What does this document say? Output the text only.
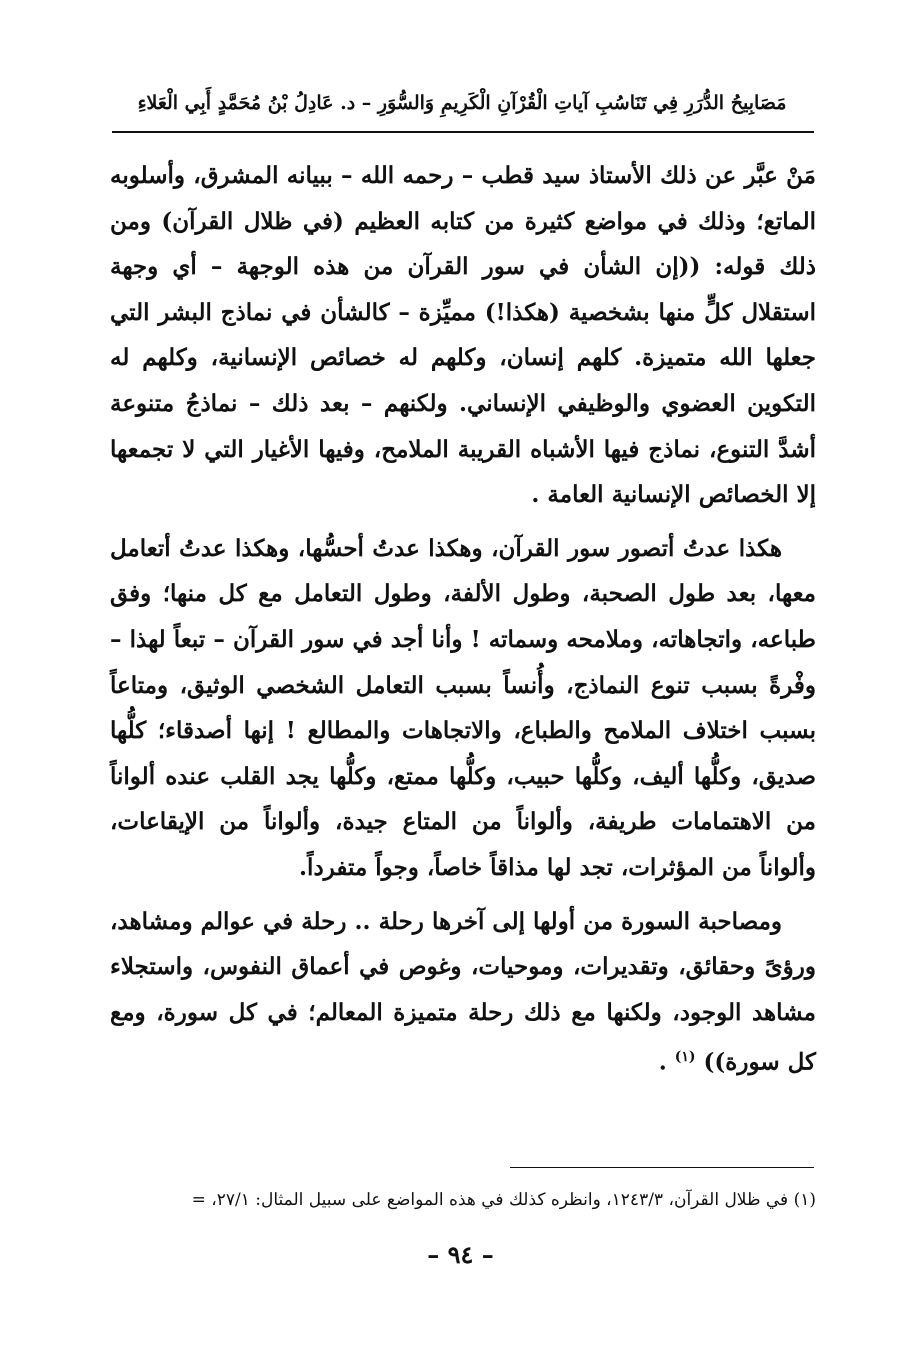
مَصَابِيحُ الدُّرَرِ فِي تَنَاسُبِ آياتِ الْقُرْآنِ الْكَرِيمِ وَالسُّوَرِ – د. عَادِلُ بْنُ مُحَمَّدٍ أَبِي الْعَلاءِ

مَنْ عبَّر عن ذلك الأستاذ سيد قطب – رحمه الله – ببيانه المشرق، وأسلوبه الماتع؛ وذلك في مواضع كثيرة من كتابه العظيم (في ظلال القرآن) ومن ذلك قوله: ((إن الشأن في سور القرآن من هذه الوجهة – أي وجهة استقلال كلٍّ منها بشخصية (هكذا!) مميِّزة – كالشأن في نماذج البشر التي جعلها الله متميزة. كلهم إنسان، وكلهم له خصائص الإنسانية، وكلهم له التكوين العضوي والوظيفي الإنساني. ولكنهم – بعد ذلك – نماذجُ متنوعة أشدَّ التنوع، نماذج فيها الأشباه القريبة الملامح، وفيها الأغيار التي لا تجمعها إلا الخصائص الإنسانية العامة .

هكذا عدتُ أتصور سور القرآن، وهكذا عدتُ أحسُّها، وهكذا عدتُ أتعامل معها، بعد طول الصحبة، وطول الألفة، وطول التعامل مع كل منها؛ وفق طباعه، واتجاهاته، وملامحه وسماته ! وأنا أجد في سور القرآن – تبعاً لهذا – وفْرةً بسبب تنوع النماذج، وأُنساً بسبب التعامل الشخصي الوثيق، ومتاعاً بسبب اختلاف الملامح والطباع، والاتجاهات والمطالع ! إنها أصدقاء؛ كلُّها صديق، وكلُّها أليف، وكلُّها حبيب، وكلُّها ممتع، وكلُّها يجد القلب عنده ألواناً من الاهتمامات طريفة، وألواناً من المتاع جيدة، وألواناً من الإيقاعات، وألواناً من المؤثرات، تجد لها مذاقاً خاصاً، وجواً متفرداً.

ومصاحبة السورة من أولها إلى آخرها رحلة .. رحلة في عوالم ومشاهد، ورؤىً وحقائق، وتقديرات، وموحيات، وغوص في أعماق النفوس، واستجلاء مشاهد الوجود، ولكنها مع ذلك رحلة متميزة المعالم؛ في كل سورة، ومع كل سورة)) $^{(١)}$ .

(١) في ظلال القرآن، ١٢٤٣/٣، وانظره كذلك في هذه المواضع على سبيل المثال: ٢٧/١، =
– ٩٤ –
